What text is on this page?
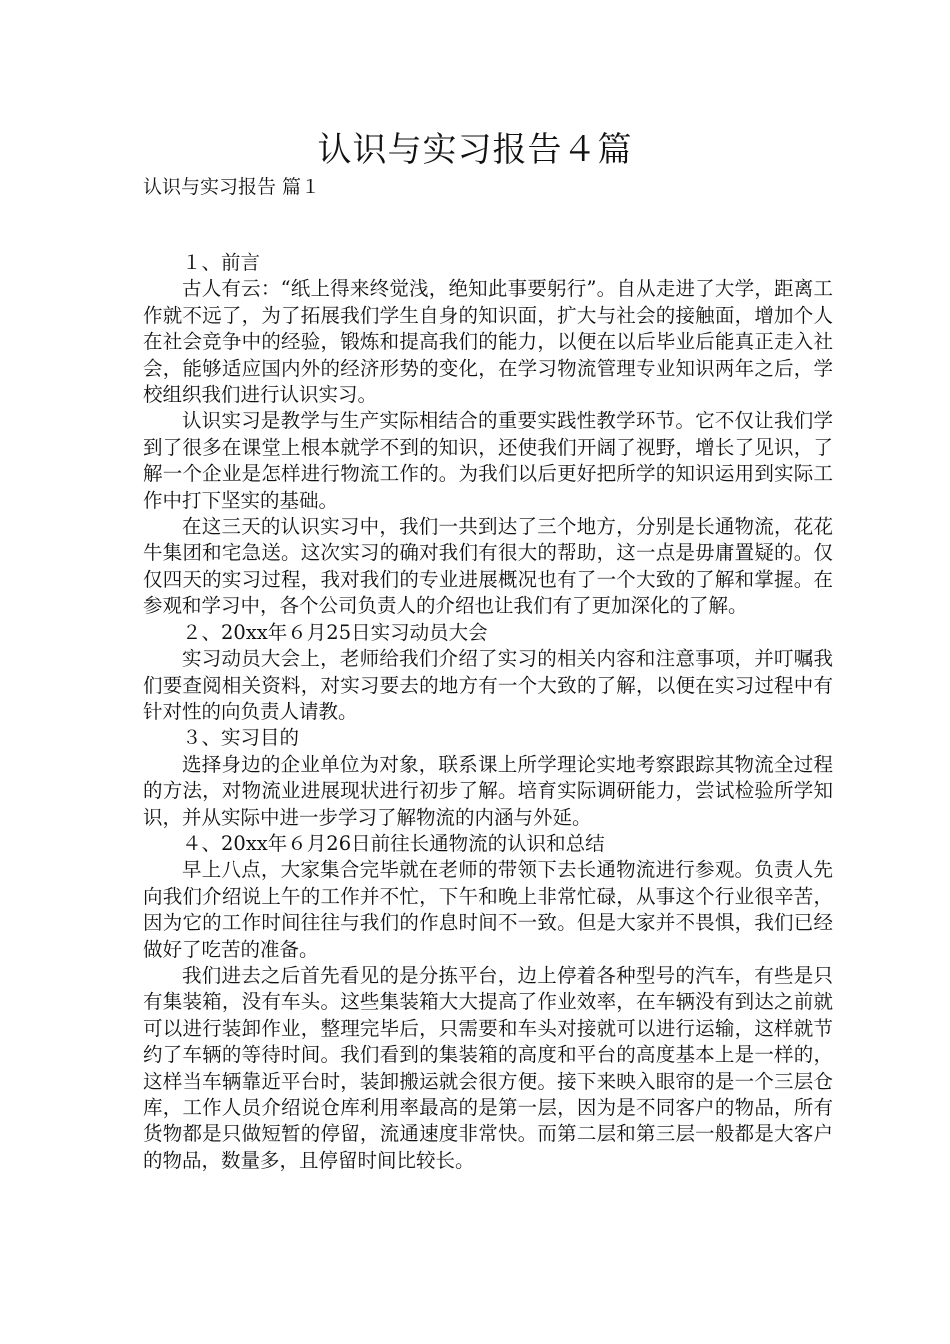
认识与实习报告４篇

认识与实习报告 篇１

１、前言

古人有云：“纸上得来终觉浅，绝知此事要躬行”。自从走进了大学，距离工作就不远了，为了拓展我们学生自身的知识面，扩大与社会的接触面，增加个人在社会竞争中的经验，锻炼和提高我们的能力，以便在以后毕业后能真正走入社会，能够适应国内外的经济形势的变化，在学习物流管理专业知识两年之后，学校组织我们进行认识实习。

认识实习是教学与生产实际相结合的重要实践性教学环节。它不仅让我们学到了很多在课堂上根本就学不到的知识，还使我们开阔了视野，增长了见识，了解一个企业是怎样进行物流工作的。为我们以后更好把所学的知识运用到实际工作中打下坚实的基础。

在这三天的认识实习中，我们一共到达了三个地方，分别是长通物流，花花牛集团和宅急送。这次实习的确对我们有很大的帮助，这一点是毋庸置疑的。仅仅四天的实习过程，我对我们的专业进展概况也有了一个大致的了解和掌握。在参观和学习中，各个公司负责人的介绍也让我们有了更加深化的了解。

２、20xx年６月25日实习动员大会

实习动员大会上，老师给我们介绍了实习的相关内容和注意事项，并叮嘱我们要查阅相关资料，对实习要去的地方有一个大致的了解，以便在实习过程中有针对性的向负责人请教。

３、实习目的

选择身边的企业单位为对象，联系课上所学理论实地考察跟踪其物流全过程 的方法，对物流业进展现状进行初步了解。培育实际调研能力，尝试检验所学知识，并从实际中进一步学习了解物流的内涵与外延。

４、20xx年６月26日前往长通物流的认识和总结

早上八点，大家集合完毕就在老师的带领下去长通物流进行参观。负责人先向我们介绍说上午的工作并不忙，下午和晚上非常忙碌，从事这个行业很辛苦，因为它的工作时间往往与我们的作息时间不一致。但是大家并不畏惧，我们已经做好了吃苦的准备。

我们进去之后首先看见的是分拣平台，边上停着各种型号的汽车，有些是只有集装箱，没有车头。这些集装箱大大提高了作业效率，在车辆没有到达之前就可以进行装卸作业，整理完毕后，只需要和车头对接就可以进行运输，这样就节约了车辆的等待时间。我们看到的集装箱的高度和平台的高度基本上是一样的，这样当车辆靠近平台时，装卸搬运就会很方便。接下来映入眼帘的是一个三层仓库，工作人员介绍说仓库利用率最高的是第一层，因为是不同客户的物品，所有货物都是只做短暂的停留，流通速度非常快。而第二层和第三层一般都是大客户的物品，数量多，且停留时间比较长。
